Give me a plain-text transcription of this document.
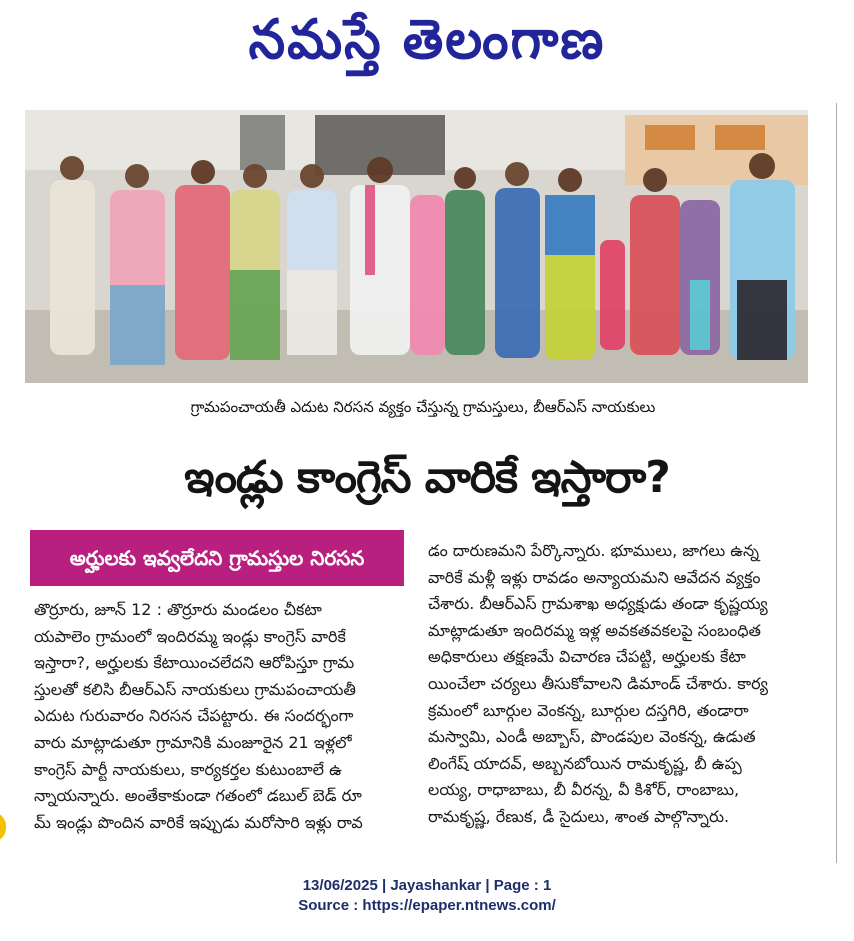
నమస్తే తెలంగాణ
గ్రామపంచాయతీ ఎదుట నిరసన వ్యక్తం చేస్తున్న గ్రామస్తులు, బీఆర్ఎస్ నాయకులు
ఇండ్లు కాంగ్రెస్ వారికే ఇస్తారా?
అర్హులకు ఇవ్వలేదని గ్రామస్తుల నిరసన

తొర్రూరు, జూన్ 12 : తొర్రూరు మండలం చీకటా

యపాలెం గ్రామంలో ఇందిరమ్మ ఇండ్లు కాంగ్రెస్ వారికే

ఇస్తారా?, అర్హులకు కేటాయించలేదని ఆరోపిస్తూ గ్రామ

స్తులతో కలిసి బీఆర్ఎస్ నాయకులు గ్రామపంచాయతీ

ఎదుట గురువారం నిరసన చేపట్టారు. ఈ సందర్భంగా

వారు మాట్లాడుతూ గ్రామానికి మంజూరైన 21 ఇళ్లలో

కాంగ్రెస్ పార్టీ నాయకులు, కార్యకర్తల కుటుంబాలే ఉ

న్నాయన్నారు. అంతేకాకుండా గతంలో డబుల్ బెడ్ రూ

మ్ ఇండ్లు పొందిన వారికే ఇప్పుడు మరోసారి ఇళ్లు రావ

డం దారుణమని పేర్కొన్నారు. భూములు, జాగలు ఉన్న

వారికే మళ్లీ ఇళ్లు రావడం అన్యాయమని ఆవేదన వ్యక్తం

చేశారు. బీఆర్ఎస్ గ్రామశాఖ అధ్యక్షుడు తండా కృష్ణయ్య

మాట్లాడుతూ ఇందిరమ్మ ఇళ్ల అవకతవకలపై సంబంధిత

అధికారులు తక్షణమే విచారణ చేపట్టి, అర్హులకు కేటా

యించేలా చర్యలు తీసుకోవాలని డిమాండ్ చేశారు. కార్య

క్రమంలో బూర్గుల వెంకన్న, బూర్గుల దస్తగిరి, తండారా

మస్వామి, ఎండీ అబ్బాస్, పొండపుల వెంకన్న, ఉడుత

లింగేష్ యాదవ్, అబ్బనబోయిన రామకృష్ణ, బీ ఉప్ప

లయ్య, రాధాబాబు, బీ వీరన్న, వీ కిశోర్, రాంబాబు,

రామకృష్ణ, రేణుక, డీ సైదులు, శాంత పాల్గొన్నారు.

13/06/2025 | Jayashankar | Page : 1
Source : https://epaper.ntnews.com/
